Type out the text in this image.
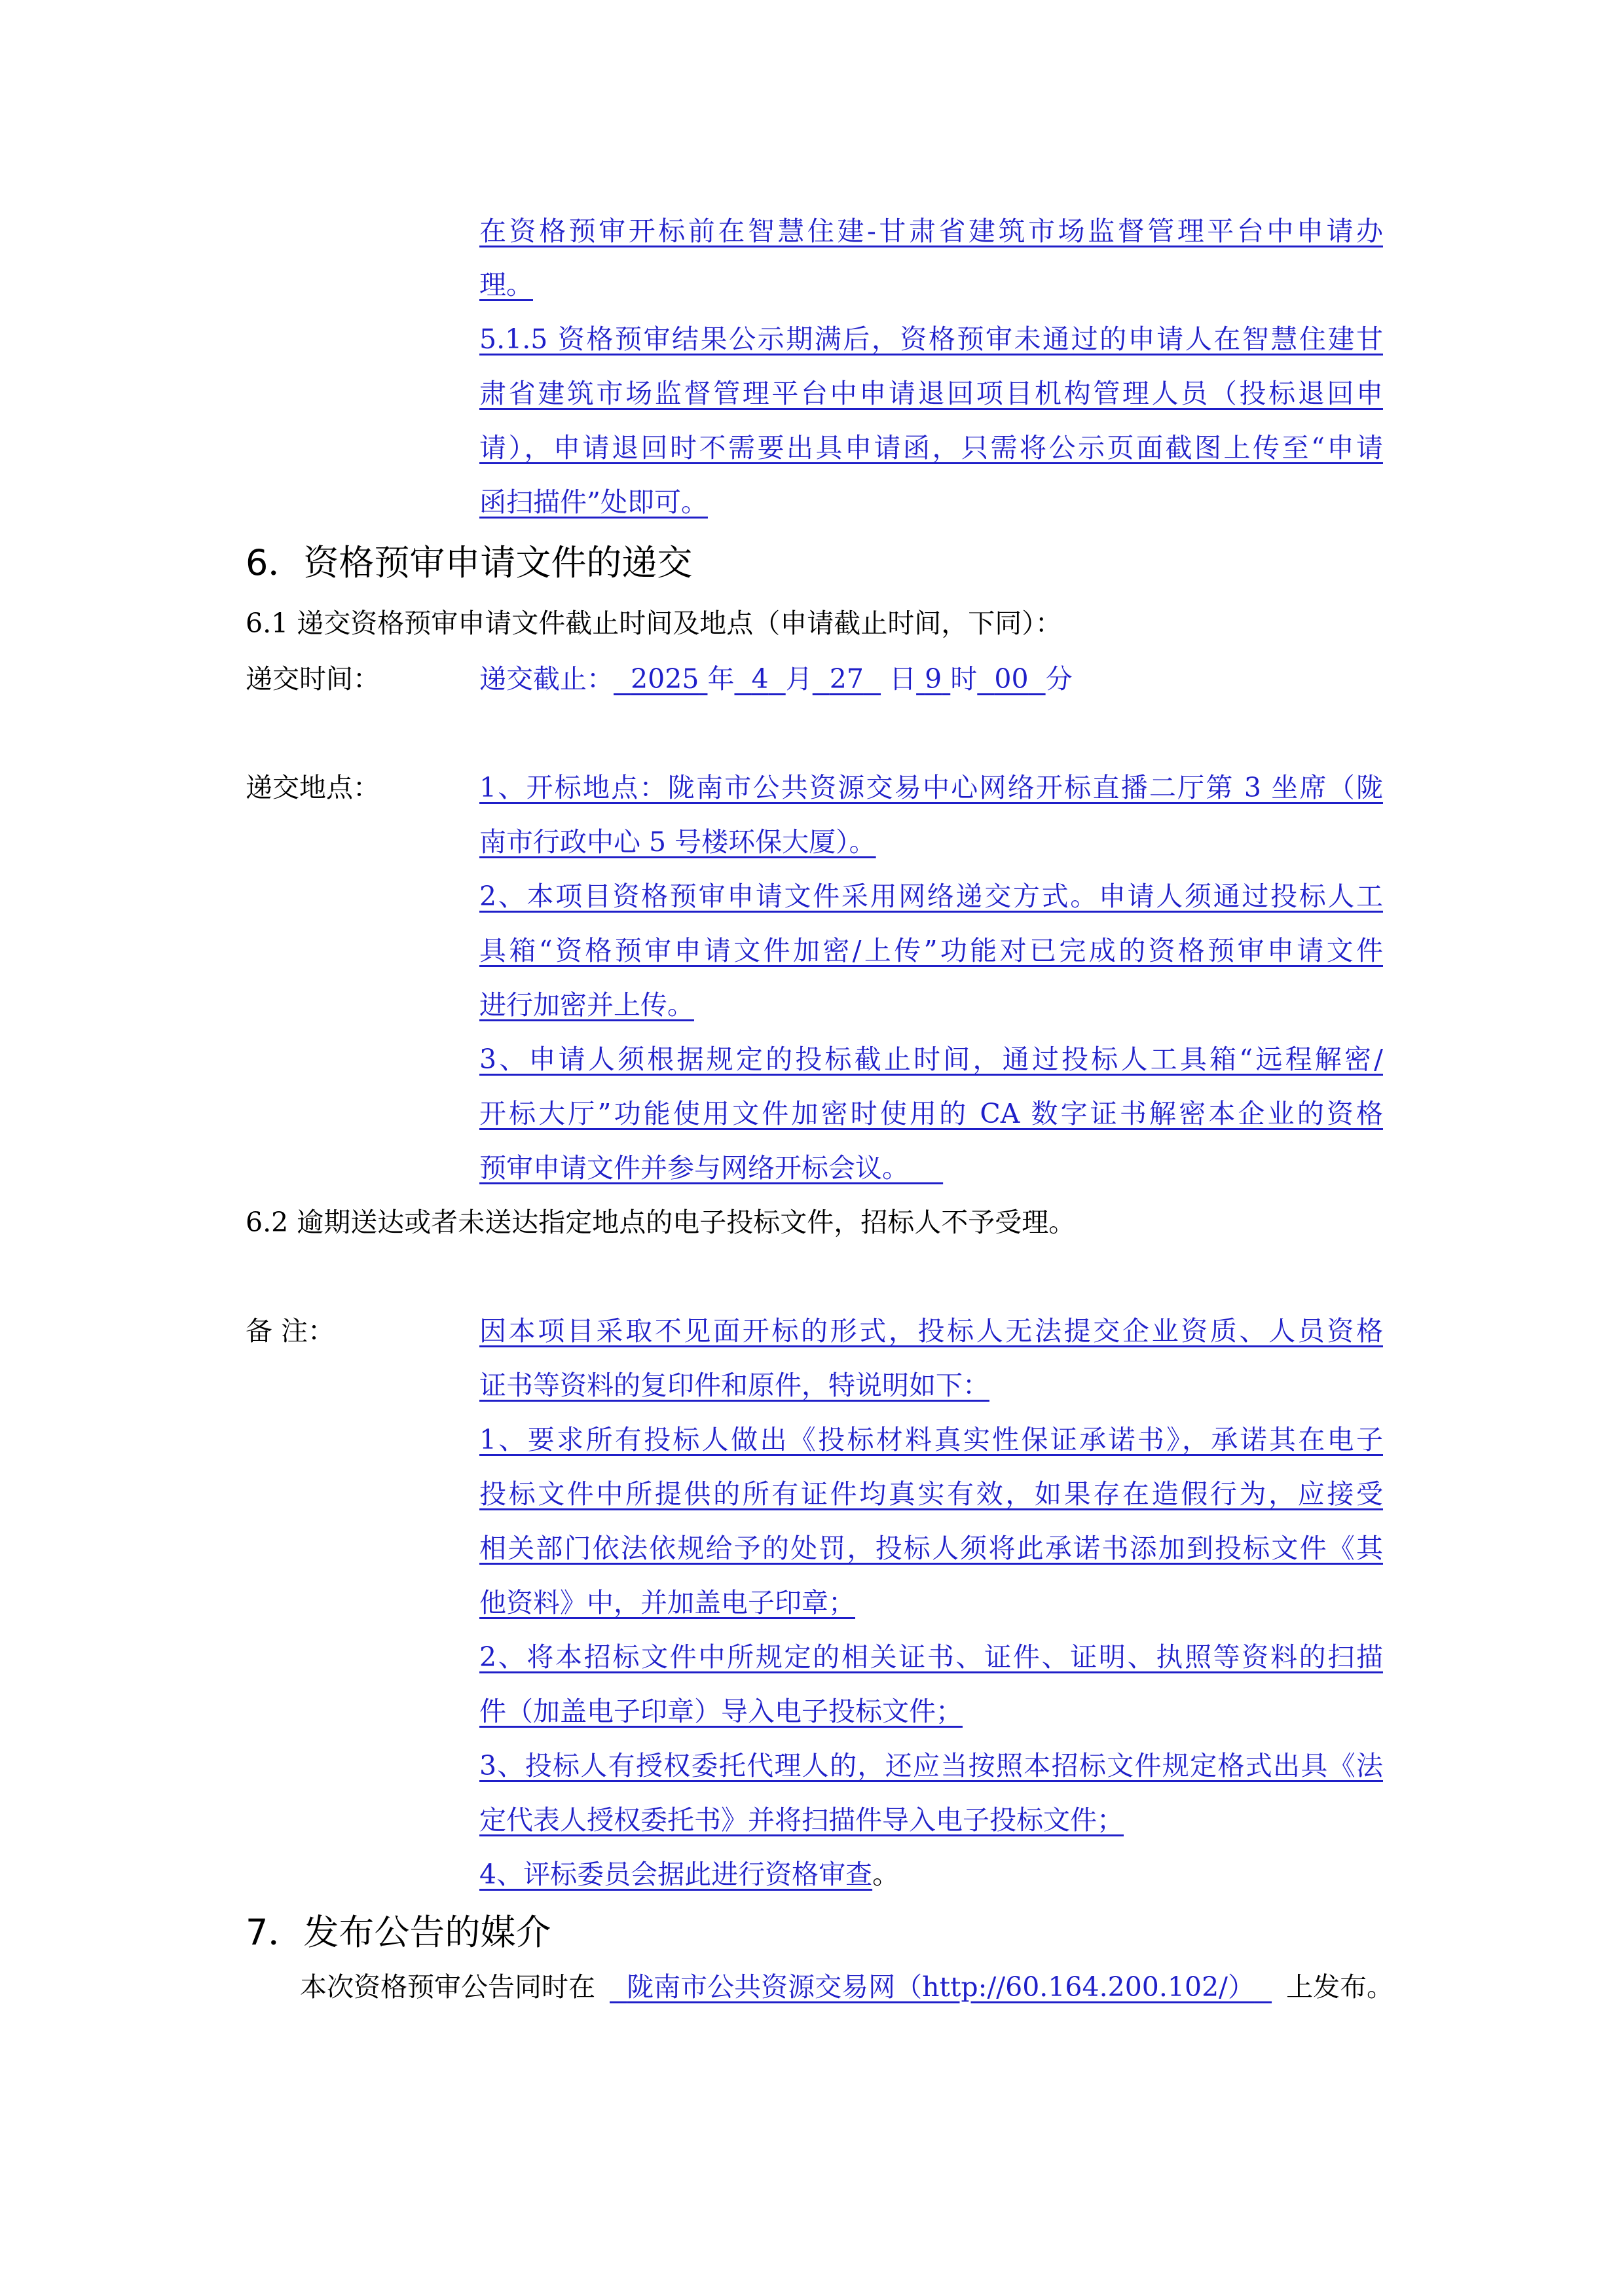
在资格预审开标前在智慧住建-甘肃省建筑市场监督管理平台中申请办
理。
5.1.5 资格预审结果公示期满后，资格预审未通过的申请人在智慧住建甘
肃省建筑市场监督管理平台中申请退回项目机构管理人员（投标退回申
请），申请退回时不需要出具申请函，只需将公示页面截图上传至“申请
函扫描件”处即可。
6．资格预审申请文件的递交
6.1 递交资格预审申请文件截止时间及地点（申请截止时间，下同）：
递交时间：	递交截止： 2025 年 4 月 27 日 9 时 00 分
递交地点：	1、开标地点：陇南市公共资源交易中心网络开标直播二厅第 3 坐席（陇
南市行政中心 5 号楼环保大厦）。
2、本项目资格预审申请文件采用网络递交方式。申请人须通过投标人工
具箱“资格预审申请文件加密/上传”功能对已完成的资格预审申请文件
进行加密并上传。
3、申请人须根据规定的投标截止时间，通过投标人工具箱“远程解密/
开标大厅”功能使用文件加密时使用的 CA 数字证书解密本企业的资格
预审申请文件并参与网络开标会议。
6.2 逾期送达或者未送达指定地点的电子投标文件，招标人不予受理。
备 注：	因本项目采取不见面开标的形式，投标人无法提交企业资质、人员资格
证书等资料的复印件和原件，特说明如下：
1、要求所有投标人做出《投标材料真实性保证承诺书》，承诺其在电子
投标文件中所提供的所有证件均真实有效，如果存在造假行为，应接受
相关部门依法依规给予的处罚，投标人须将此承诺书添加到投标文件《其
他资料》中，并加盖电子印章；
2、将本招标文件中所规定的相关证书、证件、证明、执照等资料的扫描
件（加盖电子印章）导入电子投标文件；
3、投标人有授权委托代理人的，还应当按照本招标文件规定格式出具《法
定代表人授权委托书》并将扫描件导入电子投标文件；
4、评标委员会据此进行资格审查。
7．发布公告的媒介
本次资格预审公告同时在 陇南市公共资源交易网（http://60.164.200.102/） 上发布。
